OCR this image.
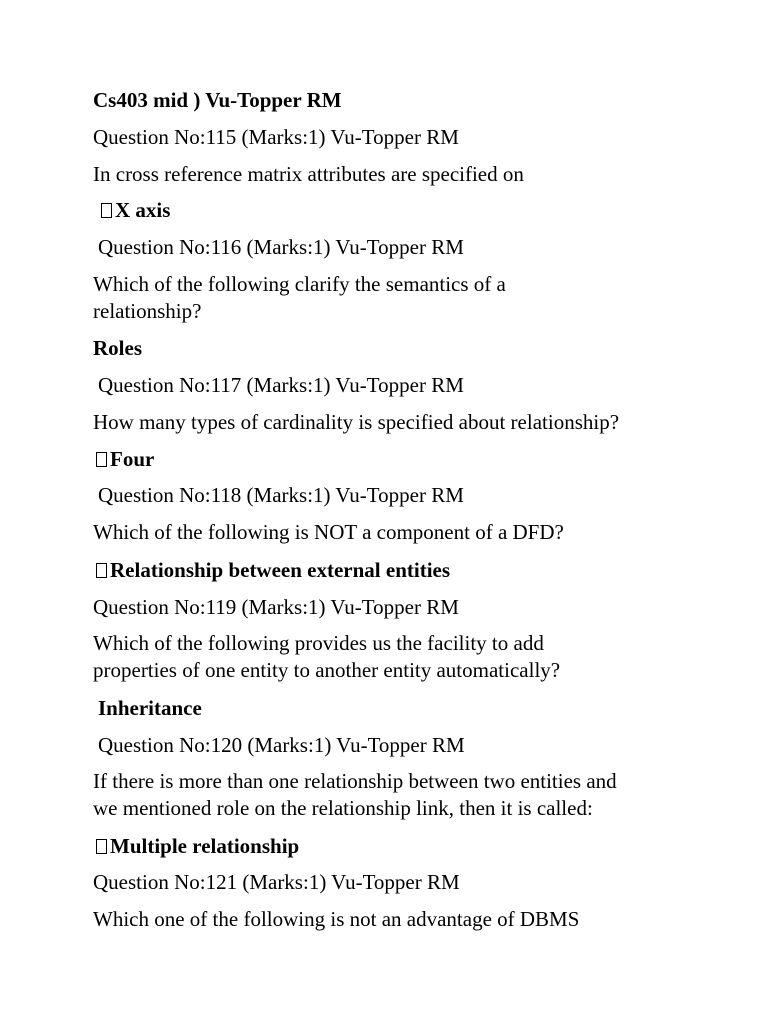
Cs403 mid ) Vu-Topper RM
Question No:115 (Marks:1) Vu-Topper RM
In cross reference matrix attributes are specified on
X axis
Question No:116 (Marks:1) Vu-Topper RM
Which of the following clarify the semantics of a
relationship?
Roles
Question No:117 (Marks:1) Vu-Topper RM
How many types of cardinality is specified about relationship?
Four
Question No:118 (Marks:1) Vu-Topper RM
Which of the following is NOT a component of a DFD?
Relationship between external entities
Question No:119 (Marks:1) Vu-Topper RM
Which of the following provides us the facility to add
properties of one entity to another entity automatically?
Inheritance
Question No:120 (Marks:1) Vu-Topper RM
If there is more than one relationship between two entities and
we mentioned role on the relationship link, then it is called:
Multiple relationship
Question No:121 (Marks:1) Vu-Topper RM
Which one of the following is not an advantage of DBMS
